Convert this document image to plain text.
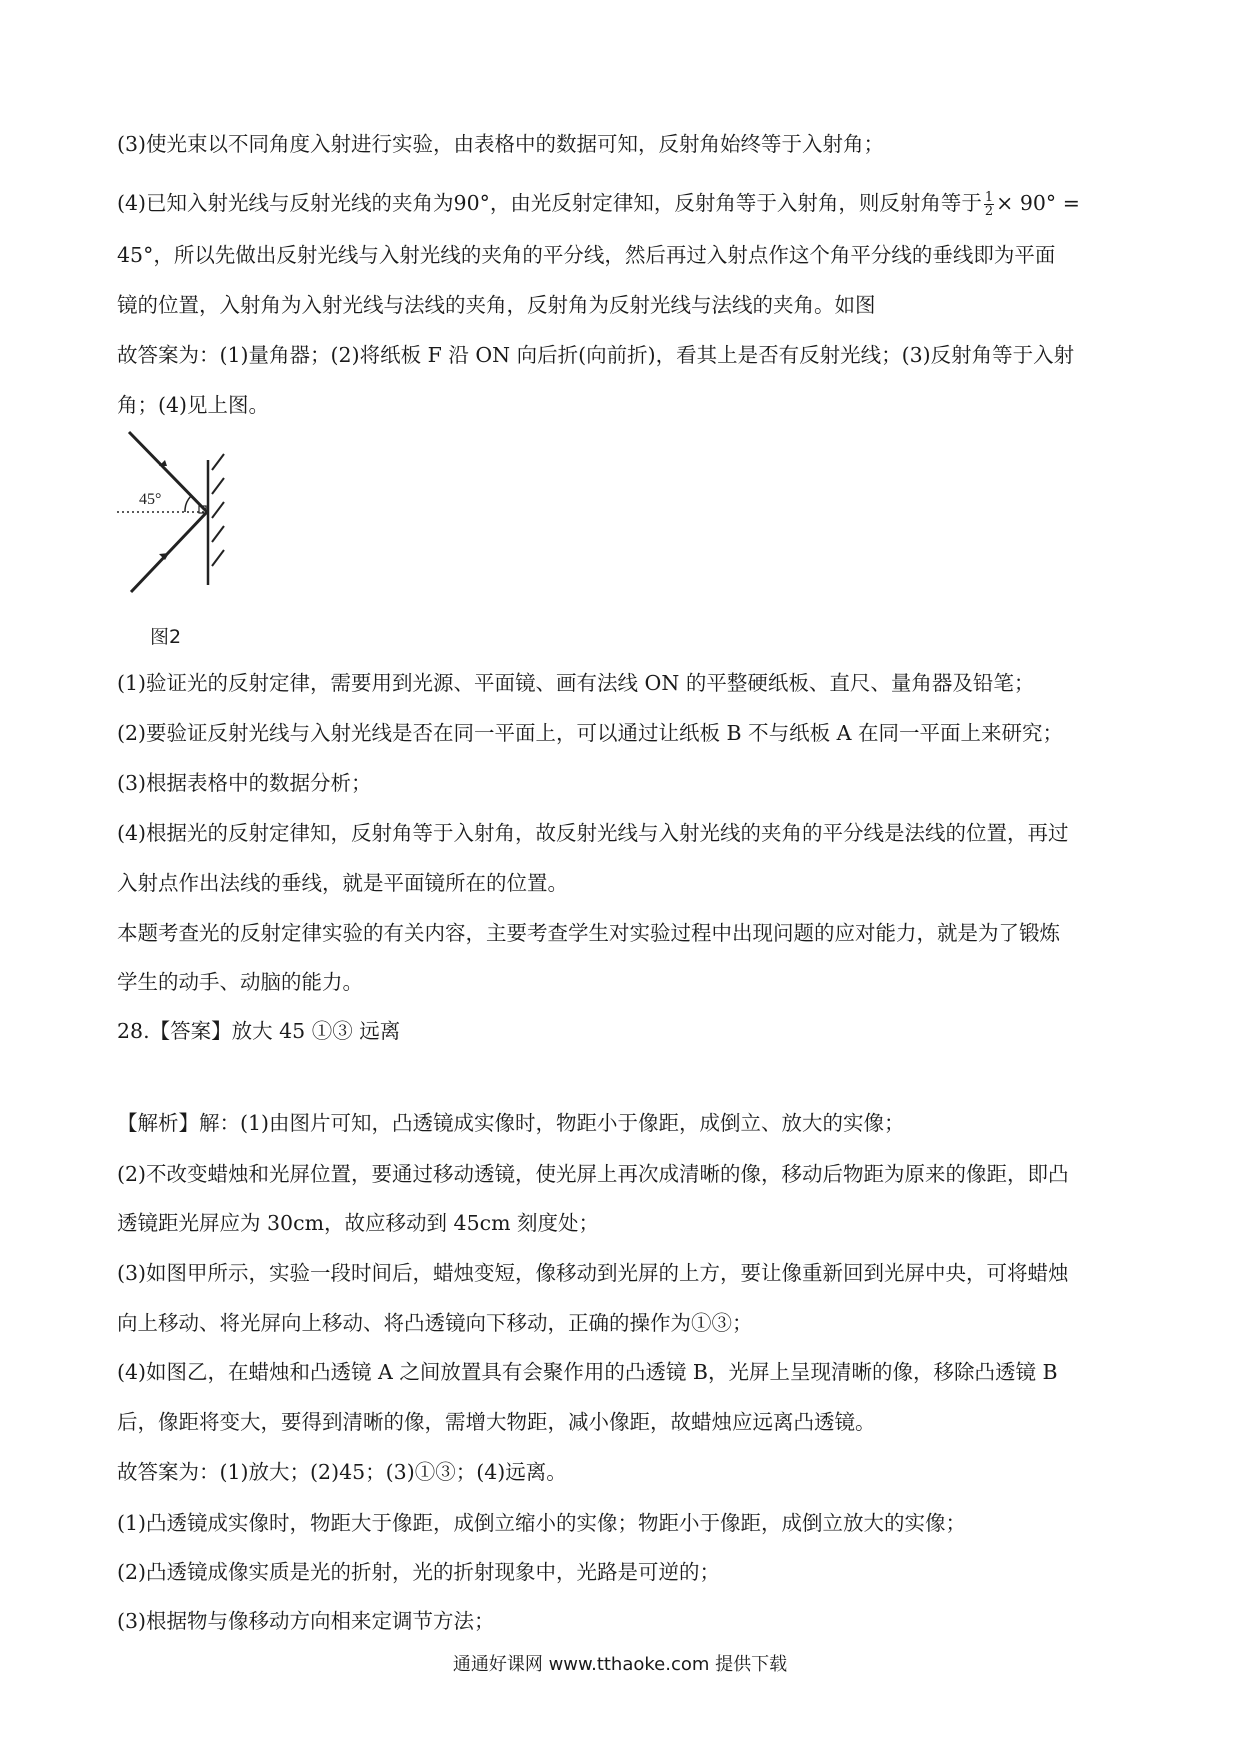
(3)使光束以不同角度入射进行实验，由表格中的数据可知，反射角始终等于入射角；
(4)已知入射光线与反射光线的夹角为90°，由光反射定律知，反射角等于入射角，则反射角等于 $\frac{1}{2} \times 90^\circ$ =
45°，所以先做出反射光线与入射光线的夹角的平分线，然后再过入射点作这个角平分线的垂线即为平面
镜的位置，入射角为入射光线与法线的夹角，反射角为反射光线与法线的夹角。如图
故答案为：(1)量角器；(2)将纸板 F 沿 ON 向后折(向前折)，看其上是否有反射光线；(3)反射角等于入射
角；(4)见上图。
45°
图2
(1)验证光的反射定律，需要用到光源、平面镜、画有法线 ON 的平整硬纸板、直尺、量角器及铅笔；
(2)要验证反射光线与入射光线是否在同一平面上，可以通过让纸板 B 不与纸板 A 在同一平面上来研究；
(3)根据表格中的数据分析；
(4)根据光的反射定律知，反射角等于入射角，故反射光线与入射光线的夹角的平分线是法线的位置，再过
入射点作出法线的垂线，就是平面镜所在的位置。
本题考查光的反射定律实验的有关内容，主要考查学生对实验过程中出现问题的应对能力，就是为了锻炼
学生的动手、动脑的能力。
28.【答案】放大 45 ①③ 远离
【解析】解：(1)由图片可知，凸透镜成实像时，物距小于像距，成倒立、放大的实像；
(2)不改变蜡烛和光屏位置，要通过移动透镜，使光屏上再次成清晰的像，移动后物距为原来的像距，即凸
透镜距光屏应为 30cm，故应移动到 45cm 刻度处；
(3)如图甲所示，实验一段时间后，蜡烛变短，像移动到光屏的上方，要让像重新回到光屏中央，可将蜡烛
向上移动、将光屏向上移动、将凸透镜向下移动，正确的操作为①③；
(4)如图乙，在蜡烛和凸透镜 A 之间放置具有会聚作用的凸透镜 B，光屏上呈现清晰的像，移除凸透镜 B
后，像距将变大，要得到清晰的像，需增大物距，减小像距，故蜡烛应远离凸透镜。
故答案为：(1)放大；(2)45；(3)①③；(4)远离。
(1)凸透镜成实像时，物距大于像距，成倒立缩小的实像；物距小于像距，成倒立放大的实像；
(2)凸透镜成像实质是光的折射，光的折射现象中，光路是可逆的；
(3)根据物与像移动方向相来定调节方法；
通通好课网 www.tthaoke.com 提供下载
